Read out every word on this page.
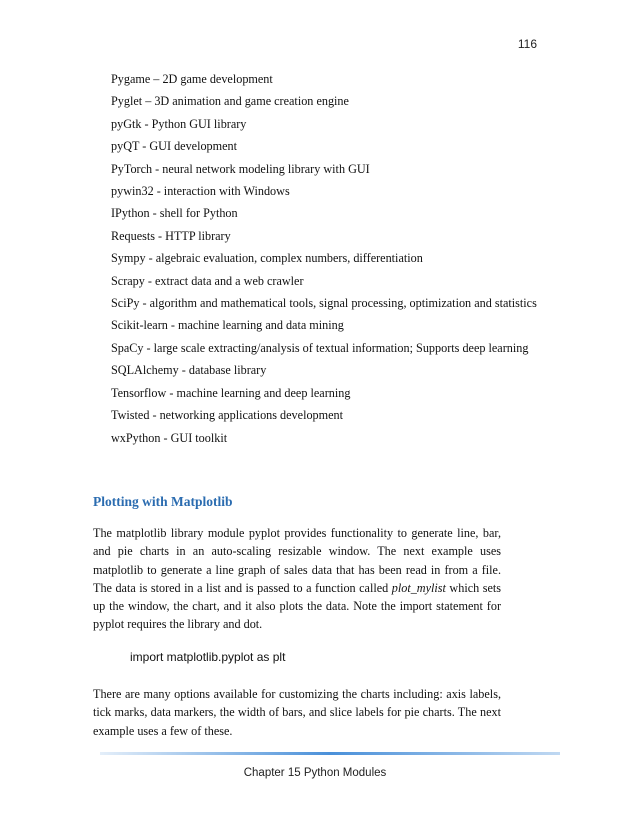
116
Pygame – 2D game development
Pyglet – 3D animation and game creation engine
pyGtk - Python GUI library
pyQT - GUI development
PyTorch - neural network modeling library with GUI
pywin32 - interaction with Windows
IPython - shell for Python
Requests - HTTP library
Sympy - algebraic evaluation, complex numbers, differentiation
Scrapy - extract data and a web crawler
SciPy - algorithm and mathematical tools, signal processing, optimization and statistics
Scikit-learn - machine learning and data mining
SpaCy - large scale extracting/analysis of textual information; Supports deep learning
SQLAlchemy - database library
Tensorflow - machine learning and deep learning
Twisted - networking applications development
wxPython - GUI toolkit
Plotting with Matplotlib

The matplotlib library module pyplot provides functionality to generate line, bar, and pie charts in an auto-scaling resizable window. The next example uses matplotlib to generate a line graph of sales data that has been read in from a file. The data is stored in a list and is passed to a function called plot_mylist which sets up the window, the chart, and it also plots the data. Note the import statement for pyplot requires the library and dot.

import matplotlib.pyplot as plt

There are many options available for customizing the charts including: axis labels, tick marks, data markers, the width of bars, and slice labels for pie charts. The next example uses a few of these.

Chapter 15 Python Modules
